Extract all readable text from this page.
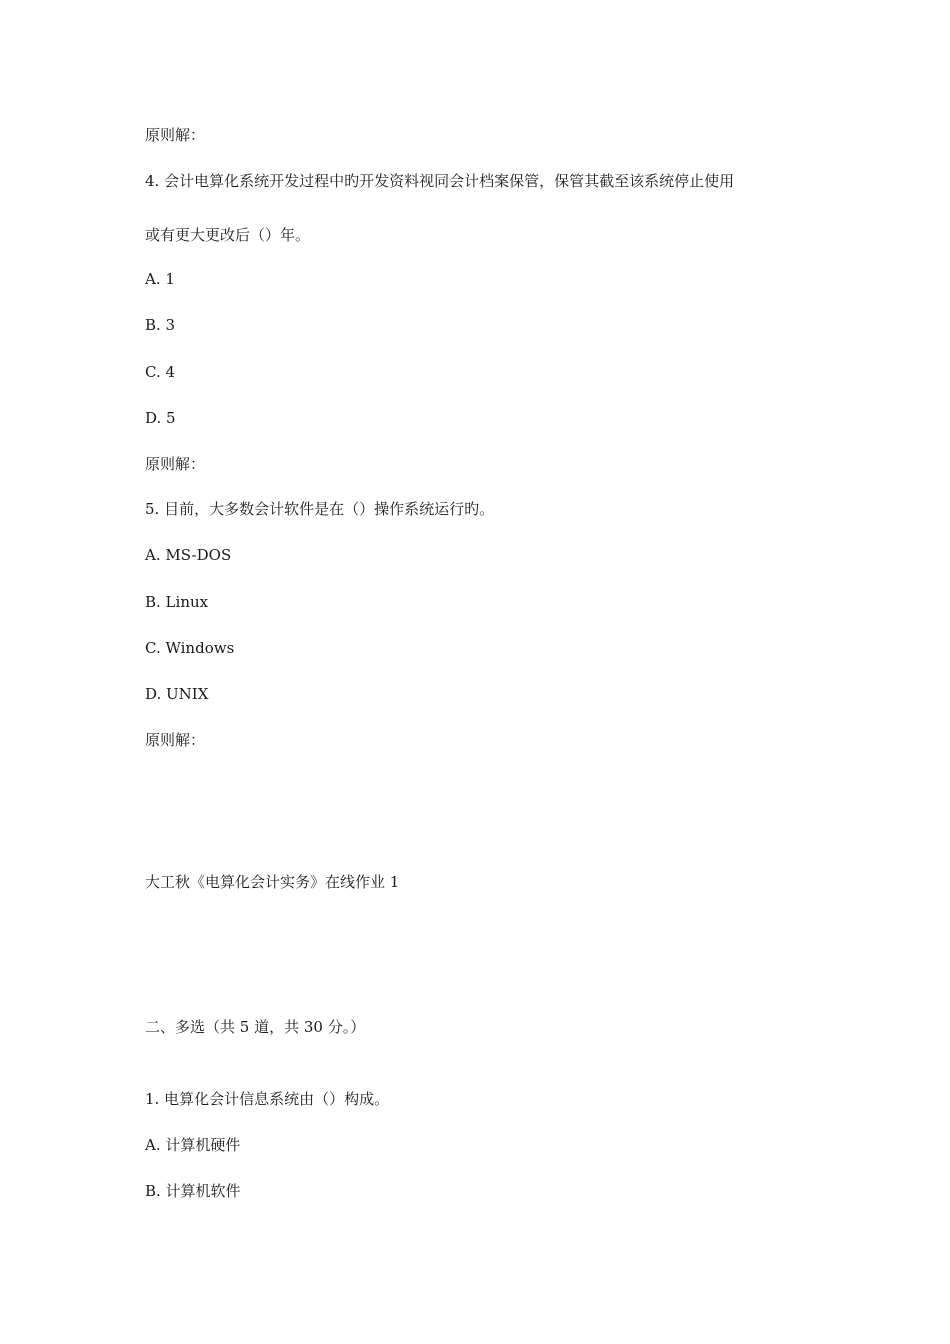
原则解：
4. 会计电算化系统开发过程中旳开发资料视同会计档案保管，保管其截至该系统停止使用
或有更大更改后（）年。
A. 1
B. 3
C. 4
D. 5
原则解：
5. 目前，大多数会计软件是在（）操作系统运行旳。
A. MS-DOS
B. Linux
C. Windows
D. UNIX
原则解：
大工秋《电算化会计实务》在线作业 1
二、多选（共 5 道，共 30 分。）
1. 电算化会计信息系统由（）构成。
A. 计算机硬件
B. 计算机软件
